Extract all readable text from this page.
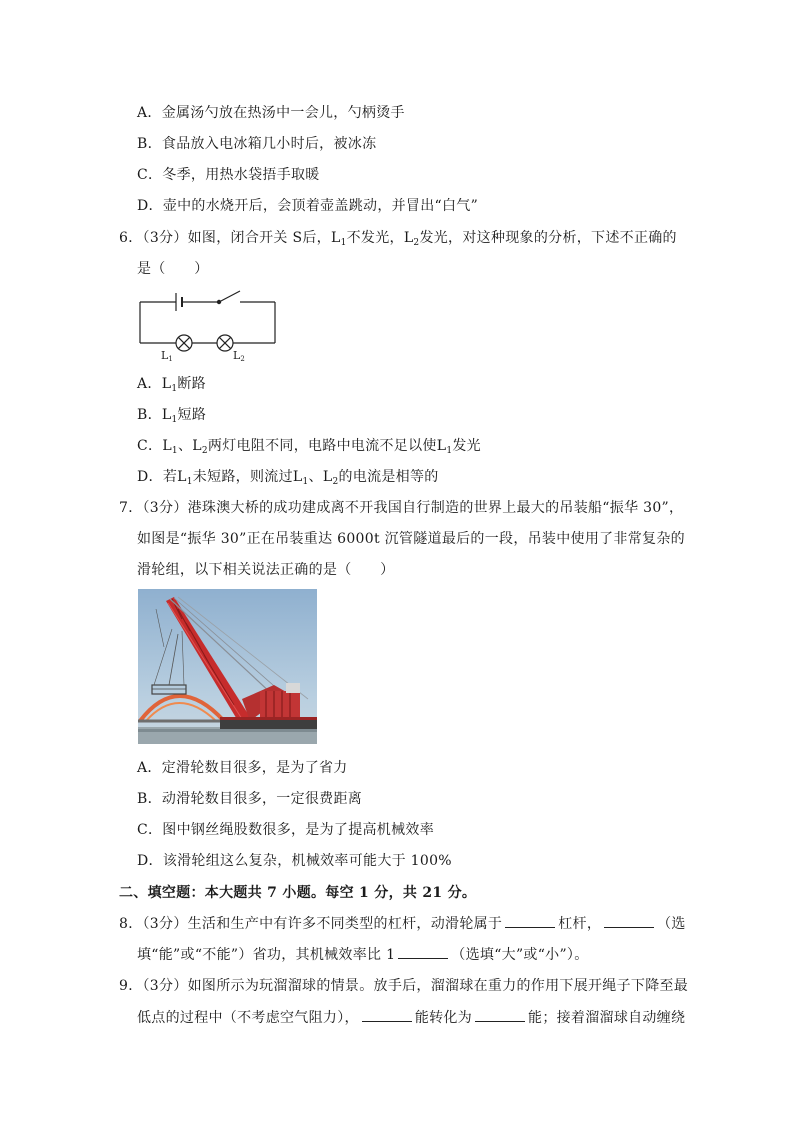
A．金属汤勺放在热汤中一会儿，勺柄烫手
B．食品放入电冰箱几小时后，被冰冻
C．冬季，用热水袋捂手取暖
D．壶中的水烧开后，会顶着壶盖跳动，并冒出“白气”
6．（3分）如图，闭合开关 S后，$L_1$不发光，$L_2$发光，对这种现象的分析，下述不正确的
是（　　）
L1	L2
A．$L_1$断路
B．$L_1$短路
C．$L_1$、$L_2$两灯电阻不同，电路中电流不足以使$L_1$发光
D．若$L_1$未短路，则流过$L_1$、$L_2$的电流是相等的
7．（3分）港珠澳大桥的成功建成离不开我国自行制造的世界上最大的吊装船“振华 30”，
如图是“振华 30”正在吊装重达 6000t 沉管隧道最后的一段，吊装中使用了非常复杂的
滑轮组，以下相关说法正确的是（　　）
A．定滑轮数目很多，是为了省力
B．动滑轮数目很多，一定很费距离
C．图中钢丝绳股数很多，是为了提高机械效率
D．该滑轮组这么复杂，机械效率可能大于 100%
二、填空题：本大题共 7 小题。每空 1 分，共 21 分。
8．（3分）生活和生产中有许多不同类型的杠杆，动滑轮属于	杠杆，	（选
填“能”或“不能”）省功，其机械效率比 1	（选填“大”或“小”）。
9．（3分）如图所示为玩溜溜球的情景。放手后，溜溜球在重力的作用下展开绳子下降至最
低点的过程中（不考虑空气阻力），	能转化为	能；接着溜溜球自动缠绕
